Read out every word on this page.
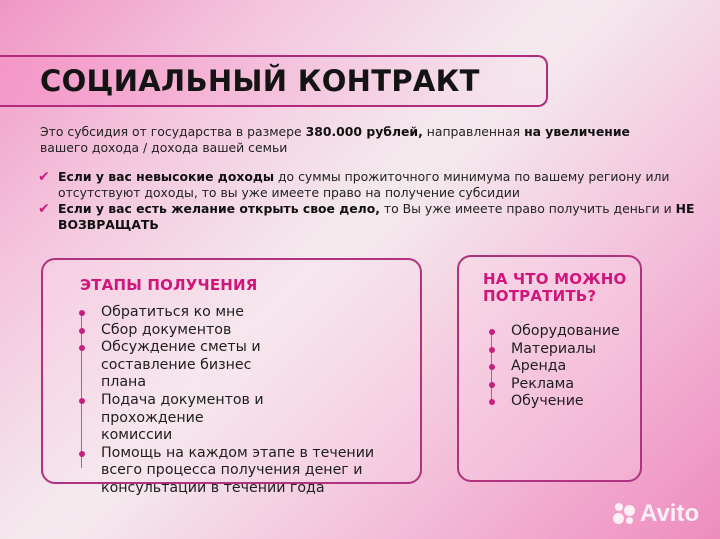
СОЦИАЛЬНЫЙ КОНТРАКТ
Это субсидия от государства в размере 380.000 рублей, направленная на увеличение
вашего дохода / дохода вашей семьи
✔ Если у вас невысокие доходы до суммы прожиточного минимума по вашему региону или отсутствуют доходы, то вы уже имеете право на получение субсидии
✔ Если у вас есть желание открыть свое дело, то Вы уже имеете право получить деньги и НЕ ВОЗВРАЩАТЬ
ЭТАПЫ ПОЛУЧЕНИЯ
Обратиться ко мне
Сбор документов
Обсуждение сметы и составление бизнес плана
Подача документов и прохождение комиссии
Помощь на каждом этапе в течении всего процесса получения денег и консультации в течении года
НА ЧТО МОЖНО ПОТРАТИТЬ?
Оборудование
Материалы
Аренда
Реклама
Обучение
Avito
